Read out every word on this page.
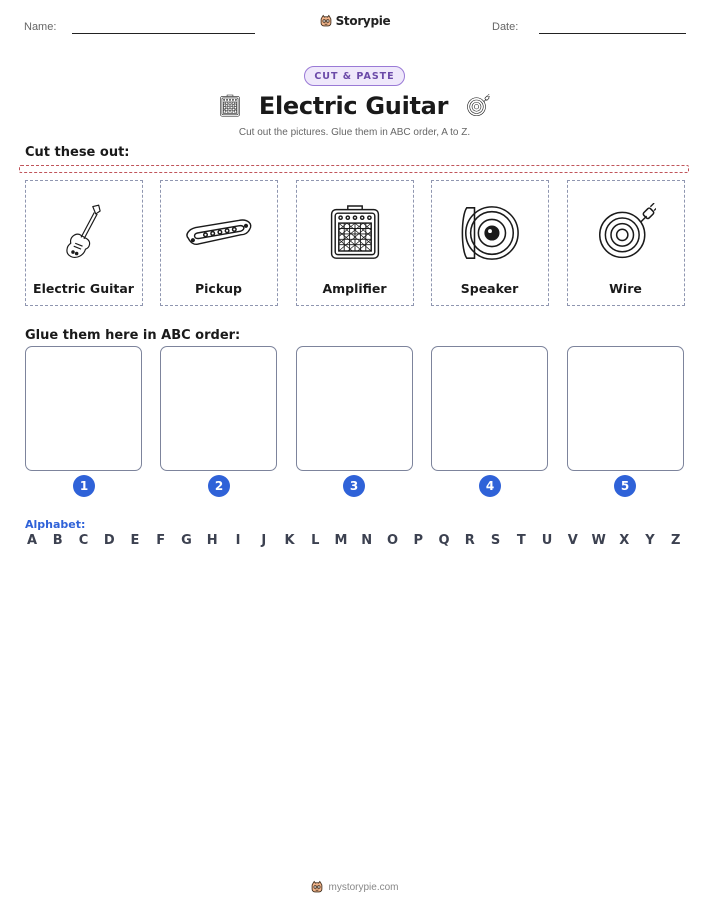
Name:	Storypie	Date:
CUT & PASTE
Electric Guitar
Cut out the pictures. Glue them in ABC order, A to Z.
Cut these out:
Electric Guitar	Pickup	Amplifier	Speaker	Wire
Glue them here in ABC order:
1	2	3	4	5
Alphabet:
A B C D E F G H	I	J	K L M N O P Q R S T U V W X Y Z
mystorypie.com
